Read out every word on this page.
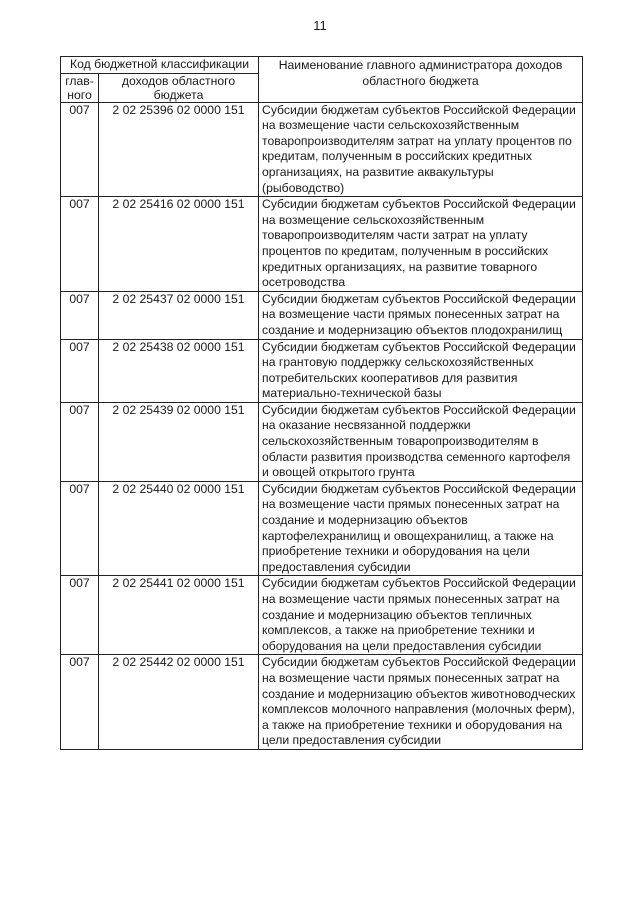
11
Код бюджетной классификации		Наименование главного администратора доходов областного бюджета
глав-ного	доходов областного бюджета	
007	2 02 25396 02 0000 151	Субсидии бюджетам субъектов Российской Федерации на возмещение части сельскохозяйственным товаропроизводителям затрат на уплату процентов по кредитам, полученным в российских кредитных организациях, на развитие аквакультуры (рыбоводство)
007	2 02 25416 02 0000 151	Субсидии бюджетам субъектов Российской Федерации на возмещение сельскохозяйственным товаропроизводителям части затрат на уплату процентов по кредитам, полученным в российских кредитных организациях, на развитие товарного осетроводства
007	2 02 25437 02 0000 151	Субсидии бюджетам субъектов Российской Федерации на возмещение части прямых понесенных затрат на создание и модернизацию объектов плодохранилищ
007	2 02 25438 02 0000 151	Субсидии бюджетам субъектов Российской Федерации на грантовую поддержку сельскохозяйственных потребительских кооперативов для развития материально-технической базы
007	2 02 25439 02 0000 151	Субсидии бюджетам субъектов Российской Федерации на оказание несвязанной поддержки сельскохозяйственным товаропроизводителям в области развития производства семенного картофеля и овощей открытого грунта
007	2 02 25440 02 0000 151	Субсидии бюджетам субъектов Российской Федерации на возмещение части прямых понесенных затрат на создание и модернизацию объектов картофелехранилищ и овощехранилищ, а также на приобретение техники и оборудования на цели предоставления субсидии
007	2 02 25441 02 0000 151	Субсидии бюджетам субъектов Российской Федерации на возмещение части прямых понесенных затрат на создание и модернизацию объектов тепличных комплексов, а также на приобретение техники и оборудования на цели предоставления субсидии
007	2 02 25442 02 0000 151	Субсидии бюджетам субъектов Российской Федерации на возмещение части прямых понесенных затрат на создание и модернизацию объектов животноводческих комплексов молочного направления (молочных ферм), а также на приобретение техники и оборудования на цели предоставления субсидии
